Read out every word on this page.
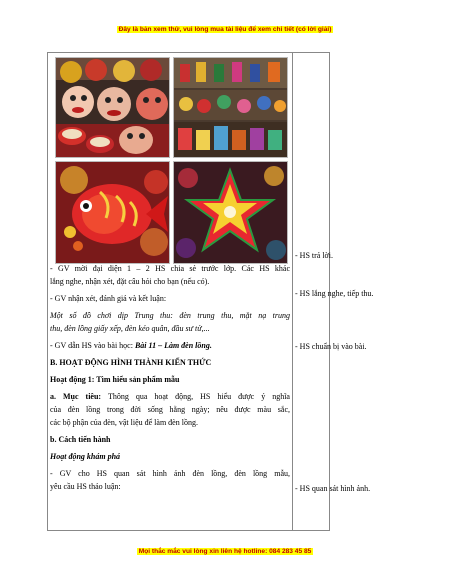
Đây là bản xem thử, vui lòng mua tài liệu để xem chi tiết (có lời giải)

- GV mời đại diện 1 – 2 HS chia sẻ trước lớp. Các HS khác
lắng nghe, nhận xét, đặt câu hỏi cho bạn (nếu có).

- GV nhận xét, đánh giá và kết luận:

Một số đồ chơi dịp Trung thu: đèn trung thu, mặt nạ trung
thu, đèn lồng giấy xếp, đèn kéo quân, đầu sư tử,...

- GV dẫn HS vào bài học: Bài 11 – Làm đèn lồng.

B. HOẠT ĐỘNG HÌNH THÀNH KIẾN THỨC

Hoạt động 1: Tìm hiểu sản phẩm mẫu

a. Mục tiêu: Thông qua hoạt động, HS hiểu được ý nghĩa
của đèn lồng trong đời sống hằng ngày; nêu được màu sắc,
các bộ phận của đèn, vật liệu để làm đèn lồng.

b. Cách tiến hành

Hoạt động khám phá

- GV cho HS quan sát hình ảnh đèn lồng, đèn lồng mẫu,
yêu cầu HS thảo luận:

- HS trả lời.
- HS lắng nghe, tiếp thu.
- HS chuẩn bị vào bài.
- HS quan sát hình ảnh.
Mọi thắc mắc vui lòng xin liên hệ hotline: 084 283 45 85
